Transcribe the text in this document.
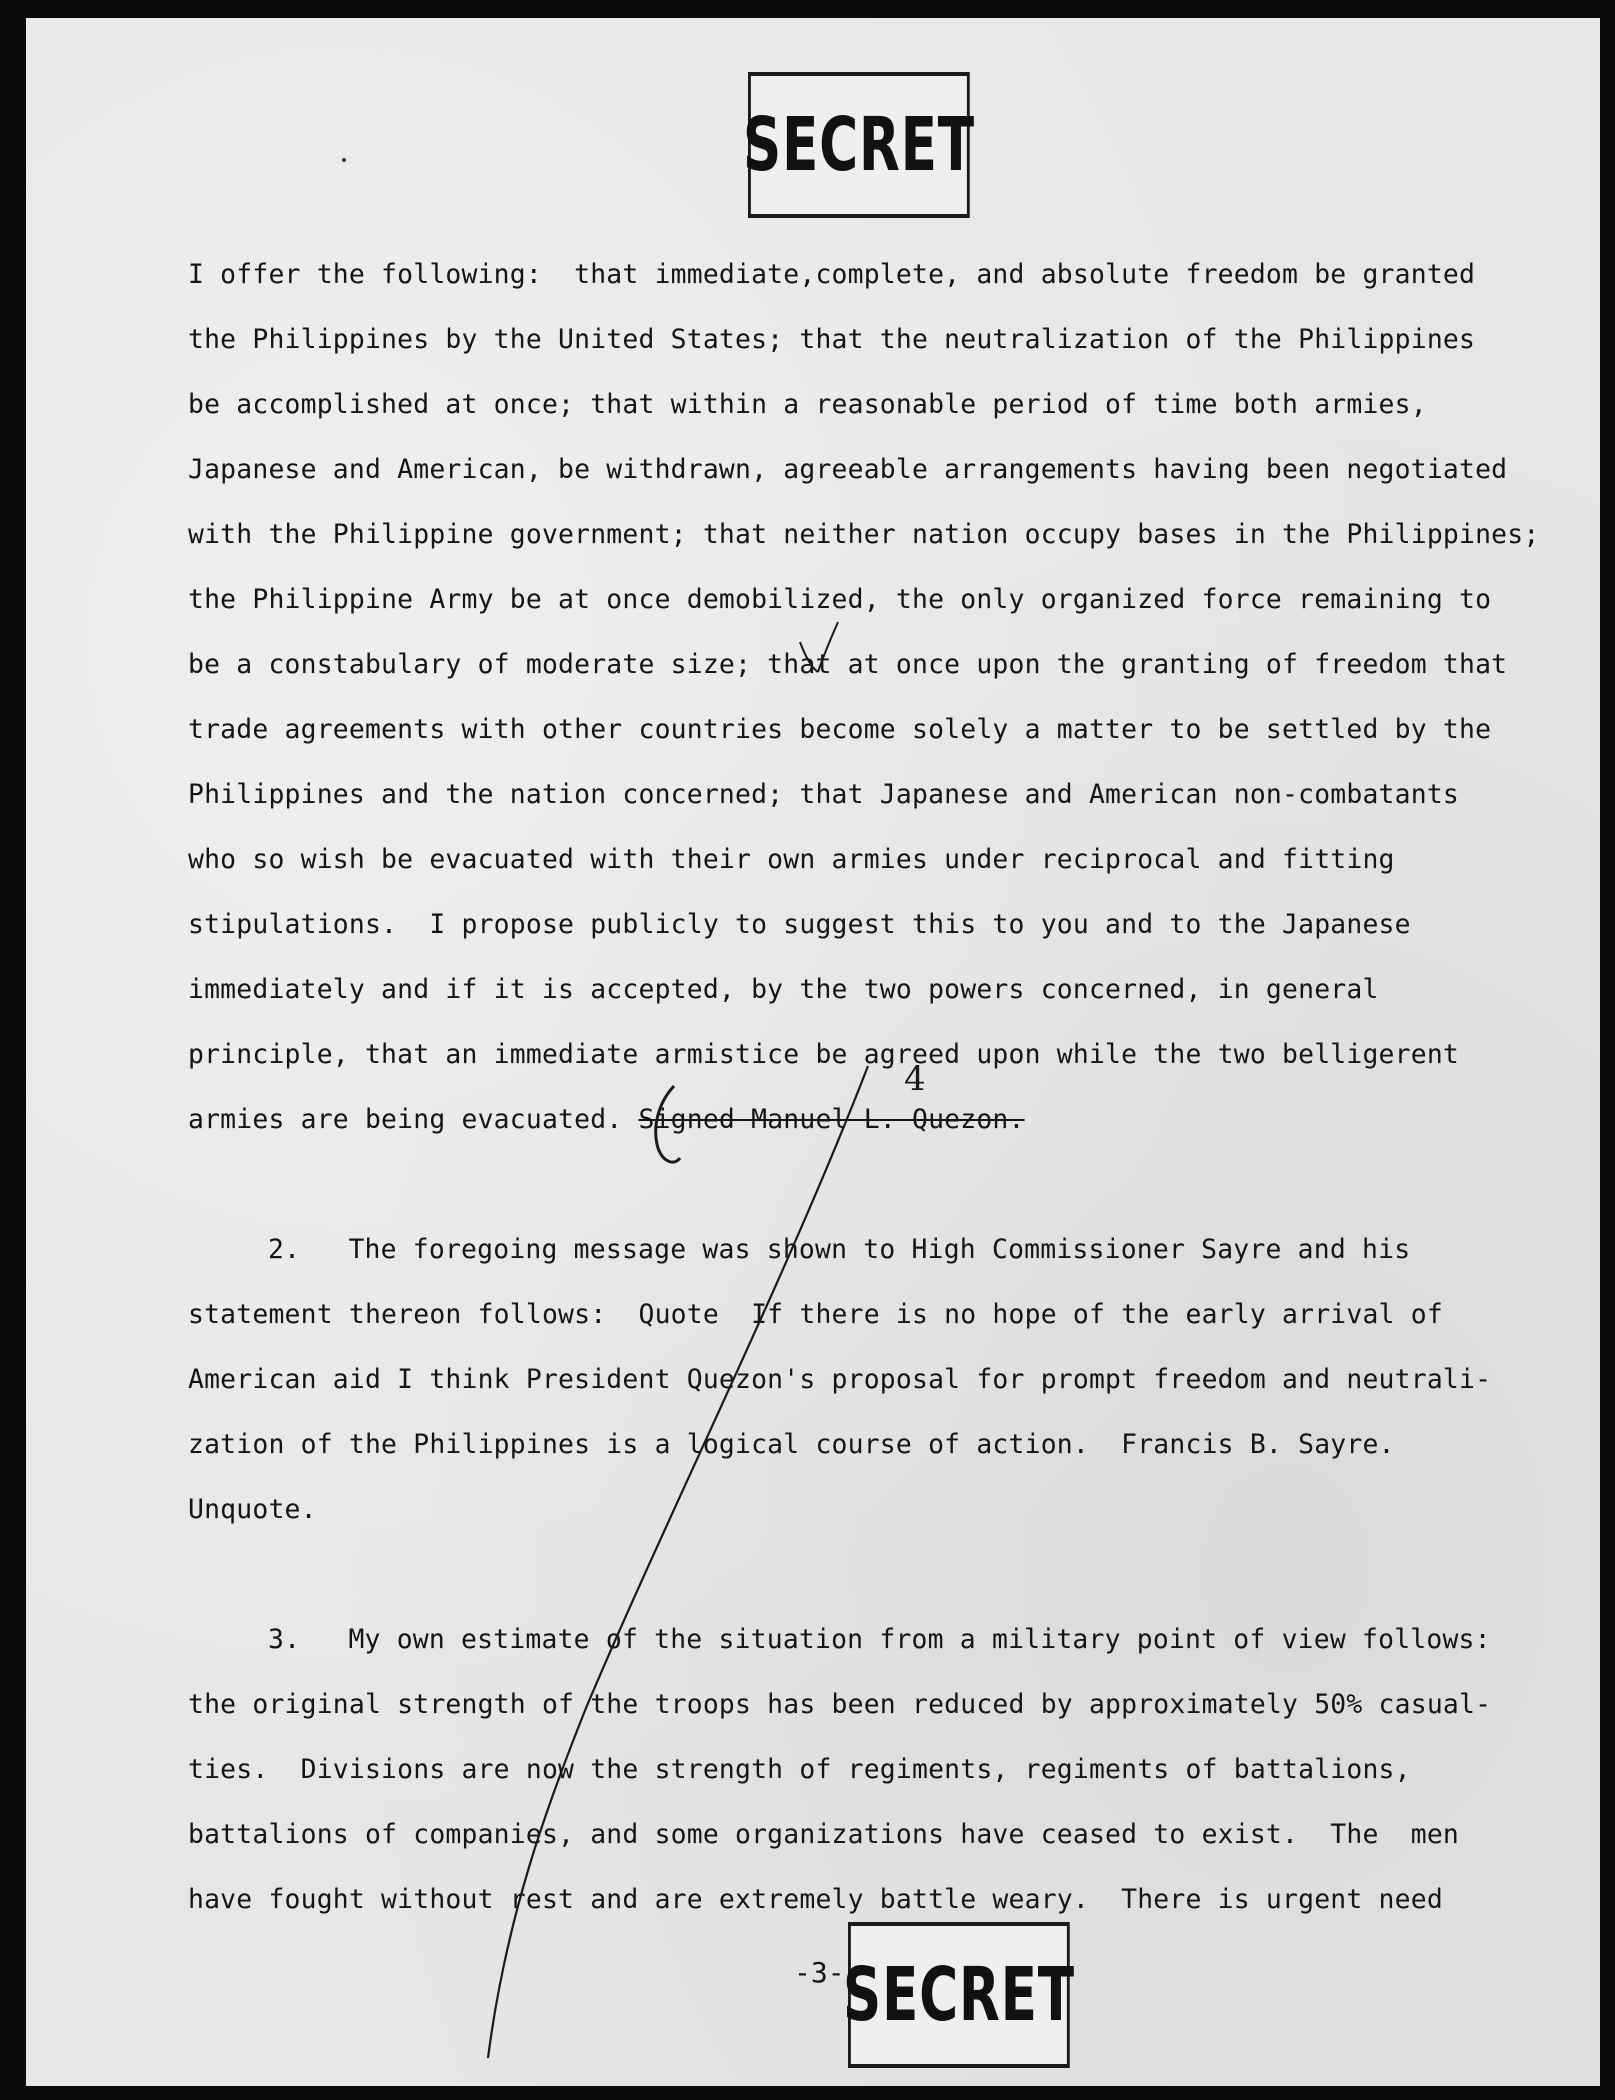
SECRET
I offer the following:  that immediate,complete, and absolute freedom be granted
the Philippines by the United States; that the neutralization of the Philippines
be accomplished at once; that within a reasonable period of time both armies,
Japanese and American, be withdrawn, agreeable arrangements having been negotiated
with the Philippine government; that neither nation occupy bases in the Philippines;
the Philippine Army be at once demobilized, the only organized force remaining to
be a constabulary of moderate size; that at once upon the granting of freedom that
trade agreements with other countries become solely a matter to be settled by the
Philippines and the nation concerned; that Japanese and American non-combatants
who so wish be evacuated with their own armies under reciprocal and fitting
stipulations.  I propose publicly to suggest this to you and to the Japanese
immediately and if it is accepted, by the two powers concerned, in general
principle, that an immediate armistice be agreed upon while the two belligerent
armies are being evacuated. Signed Manuel L. Quezon.
2.   The foregoing message was shown to High Commissioner Sayre and his
statement thereon follows:  Quote  If there is no hope of the early arrival of
American aid I think President Quezon's proposal for prompt freedom and neutrali-
zation of the Philippines is a logical course of action.  Francis B. Sayre.
Unquote.
3.   My own estimate of the situation from a military point of view follows:
the original strength of the troops has been reduced by approximately 50% casual-
ties.  Divisions are now the strength of regiments, regiments of battalions,
battalions of companies, and some organizations have ceased to exist.  The  men
have fought without rest and are extremely battle weary.  There is urgent need
-3-
SECRET
4
